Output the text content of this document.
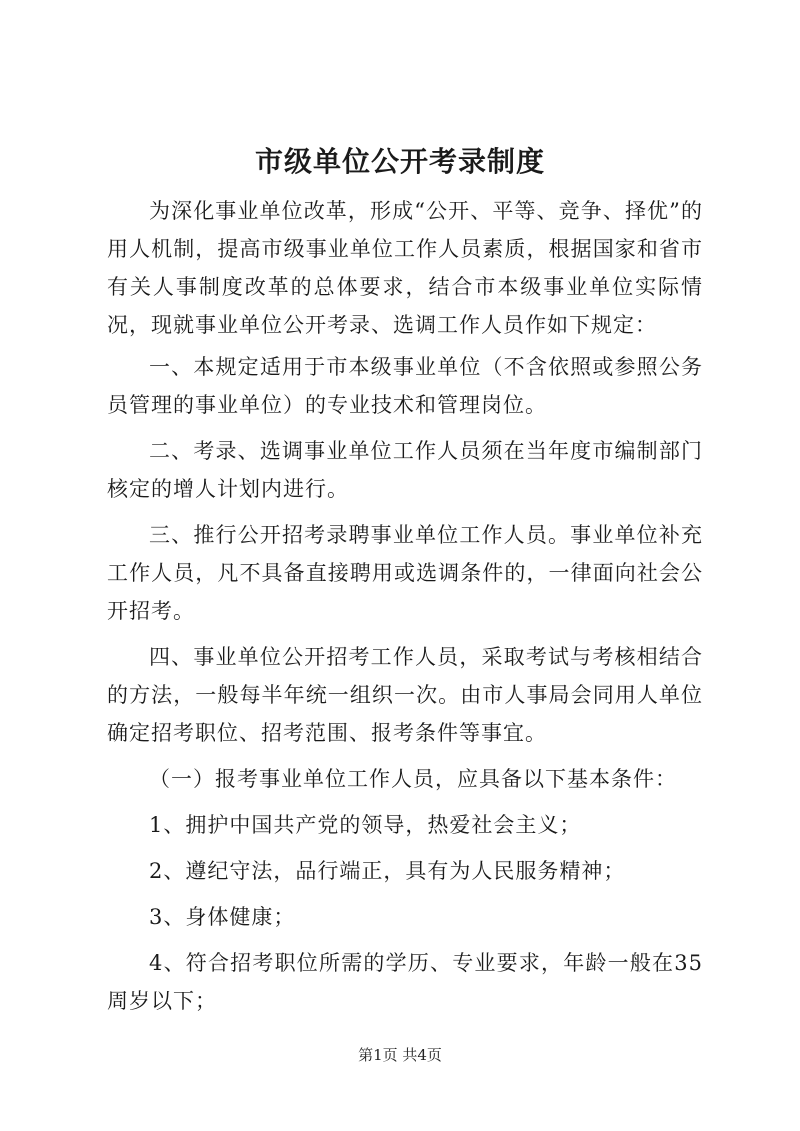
市级单位公开考录制度

为深化事业单位改革，形成“公开、平等、竞争、择优”的用人机制，提高市级事业单位工作人员素质，根据国家和省市有关人事制度改革的总体要求，结合市本级事业单位实际情况，现就事业单位公开考录、选调工作人员作如下规定：

一、本规定适用于市本级事业单位（不含依照或参照公务员管理的事业单位）的专业技术和管理岗位。

二、考录、选调事业单位工作人员须在当年度市编制部门核定的增人计划内进行。

三、推行公开招考录聘事业单位工作人员。事业单位补充工作人员，凡不具备直接聘用或选调条件的，一律面向社会公开招考。

四、事业单位公开招考工作人员，采取考试与考核相结合的方法，一般每半年统一组织一次。由市人事局会同用人单位确定招考职位、招考范围、报考条件等事宜。

（一）报考事业单位工作人员，应具备以下基本条件：

1、拥护中国共产党的领导，热爱社会主义；

2、遵纪守法，品行端正，具有为人民服务精神；

3、身体健康；

4、符合招考职位所需的学历、专业要求，年龄一般在35周岁以下；

第1页 共4页
